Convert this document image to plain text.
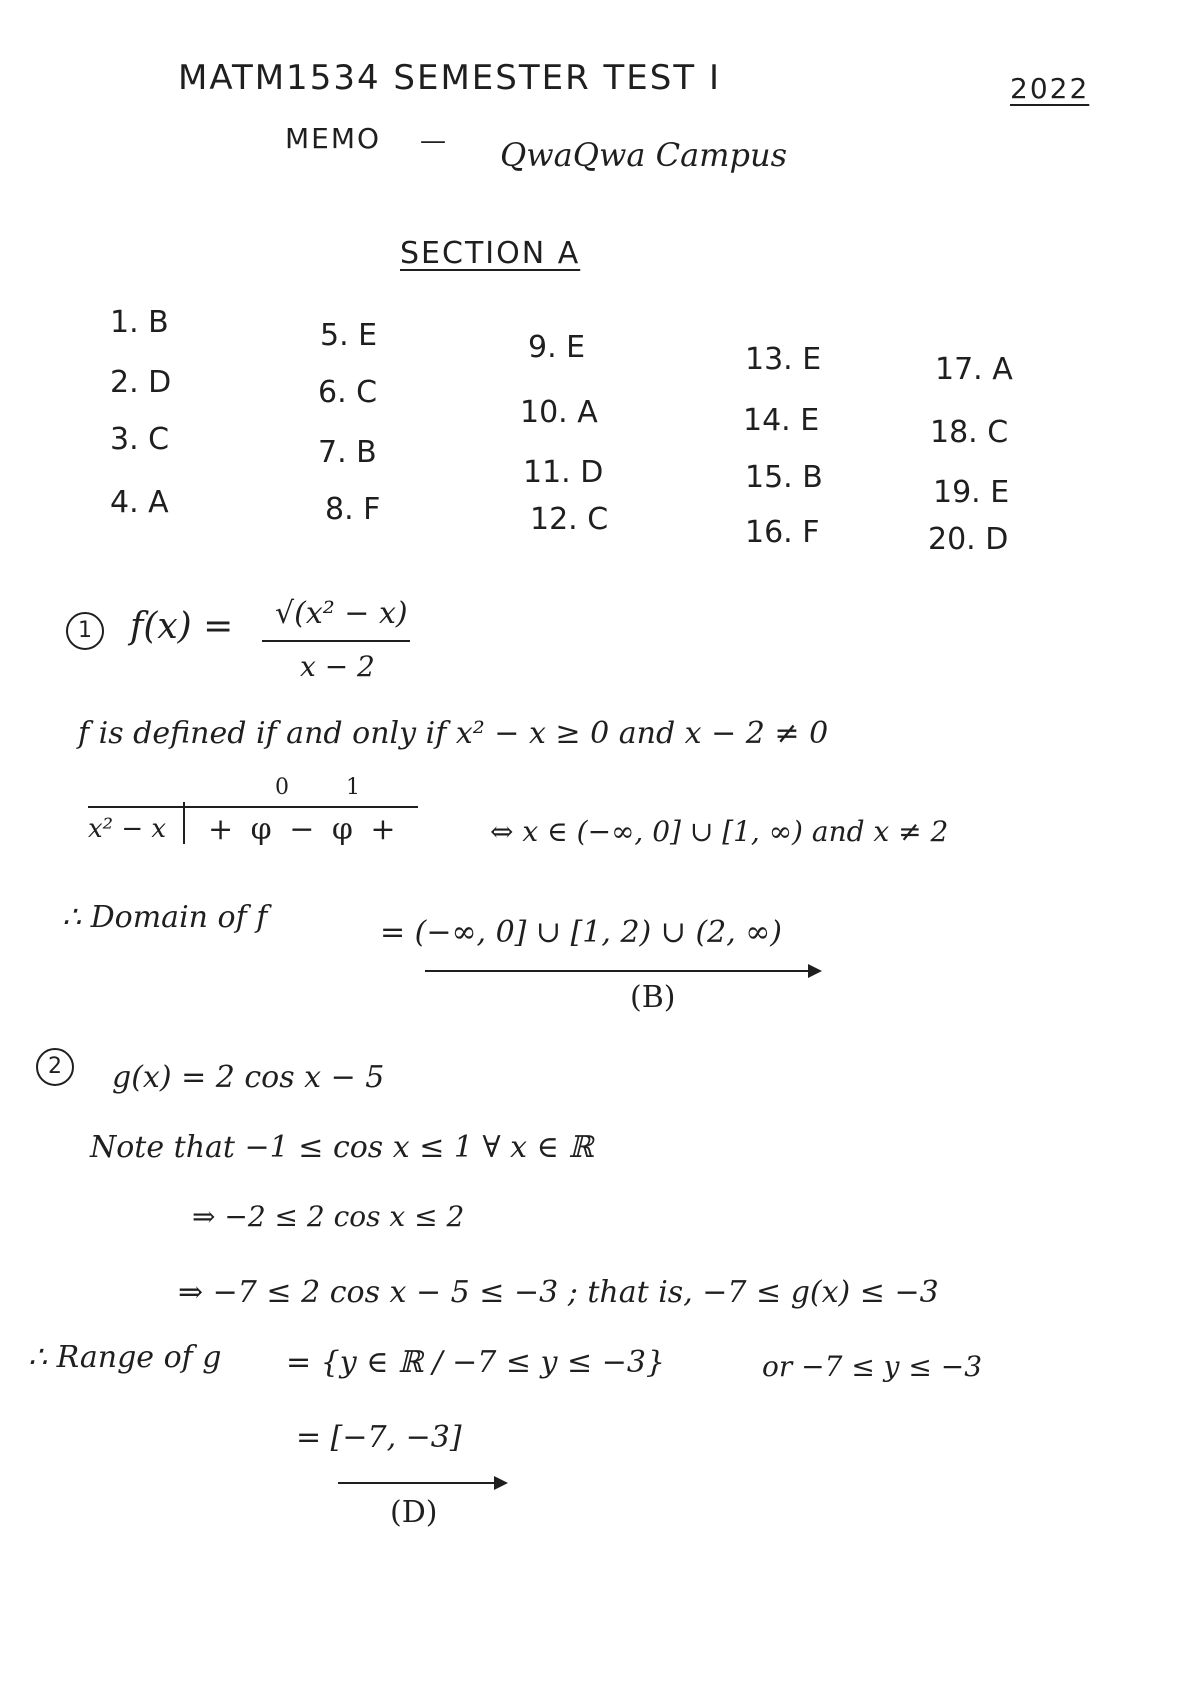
MATM1534 SEMESTER TEST I	2022
MEMO — QwaQwa Campus
SECTION A
1. B
2. D
3. C
4. A
5. E
6. C
7. B
8. F
9. E
10. A
11. D
12. C
13. E
14. E
15. B
16. F
17. A
18. C
19. E
20. D
1	f(x) = √(x² − x)
x − 2
f is defined if and only if x² − x ≥ 0 and x − 2 ≠ 0
0	1
x² − x + φ − φ +	⇔ x ∈ (−∞, 0] ∪ [1, ∞) and x ≠ 2
∴ Domain of f	= (−∞, 0] ∪ [1, 2) ∪ (2, ∞)
(B)
2	g(x) = 2 cos x − 5
Note that −1 ≤ cos x ≤ 1 ∀ x ∈ ℝ
⇒ −2 ≤ 2 cos x ≤ 2
⇒ −7 ≤ 2 cos x − 5 ≤ −3 ; that is, −7 ≤ g(x) ≤ −3
∴ Range of g = {y ∈ ℝ / −7 ≤ y ≤ −3}	or −7 ≤ y ≤ −3
= [−7, −3]
(D)
